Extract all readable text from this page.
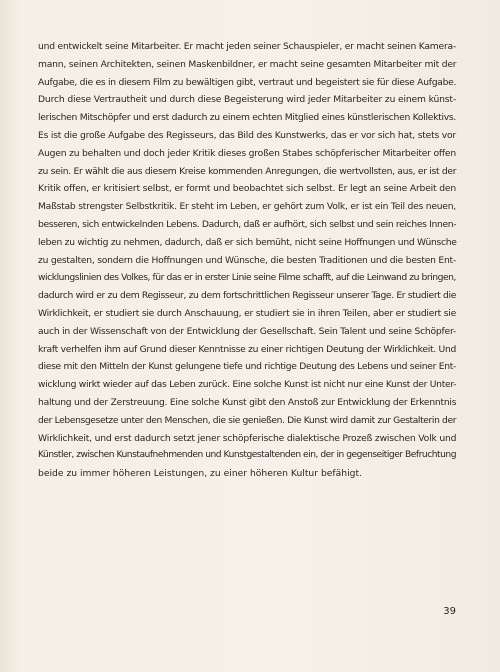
und entwickelt seine Mitarbeiter. Er macht jeden seiner Schauspieler, er macht seinen Kamera-
mann, seinen Architekten, seinen Maskenbildner, er macht seine gesamten Mitarbeiter mit der
Aufgabe, die es in diesem Film zu bewältigen gibt, vertraut und begeistert sie für diese Aufgabe.
Durch diese Vertrautheit und durch diese Begeisterung wird jeder Mitarbeiter zu einem künst-
lerischen Mitschöpfer und erst dadurch zu einem echten Mitglied eines künstlerischen Kollektivs.
Es ist die große Aufgabe des Regisseurs, das Bild des Kunstwerks, das er vor sich hat, stets vor
Augen zu behalten und doch jeder Kritik dieses großen Stabes schöpferischer Mitarbeiter offen
zu sein. Er wählt die aus diesem Kreise kommenden Anregungen, die wertvollsten, aus, er ist der
Kritik offen, er kritisiert selbst, er formt und beobachtet sich selbst. Er legt an seine Arbeit den
Maßstab strengster Selbstkritik. Er steht im Leben, er gehört zum Volk, er ist ein Teil des neuen,
besseren, sich entwickelnden Lebens. Dadurch, daß er aufhört, sich selbst und sein reiches Innen-
leben zu wichtig zu nehmen, dadurch, daß er sich bemüht, nicht seine Hoffnungen und Wünsche
zu gestalten, sondern die Hoffnungen und Wünsche, die besten Traditionen und die besten Ent-
wicklungslinien des Volkes, für das er in erster Linie seine Filme schafft, auf die Leinwand zu bringen,
dadurch wird er zu dem Regisseur, zu dem fortschrittlichen Regisseur unserer Tage. Er studiert die
Wirklichkeit, er studiert sie durch Anschauung, er studiert sie in ihren Teilen, aber er studiert sie
auch in der Wissenschaft von der Entwicklung der Gesellschaft. Sein Talent und seine Schöpfer-
kraft verhelfen ihm auf Grund dieser Kenntnisse zu einer richtigen Deutung der Wirklichkeit. Und
diese mit den Mitteln der Kunst gelungene tiefe und richtige Deutung des Lebens und seiner Ent-
wicklung wirkt wieder auf das Leben zurück. Eine solche Kunst ist nicht nur eine Kunst der Unter-
haltung und der Zerstreuung. Eine solche Kunst gibt den Anstoß zur Entwicklung der Erkenntnis
der Lebensgesetze unter den Menschen, die sie genießen. Die Kunst wird damit zur Gestalterin der
Wirklichkeit, und erst dadurch setzt jener schöpferische dialektische Prozeß zwischen Volk und
Künstler, zwischen Kunstaufnehmenden und Kunstgestaltenden ein, der in gegenseitiger Befruchtung
beide zu immer höheren Leistungen, zu einer höheren Kultur befähigt.
39
